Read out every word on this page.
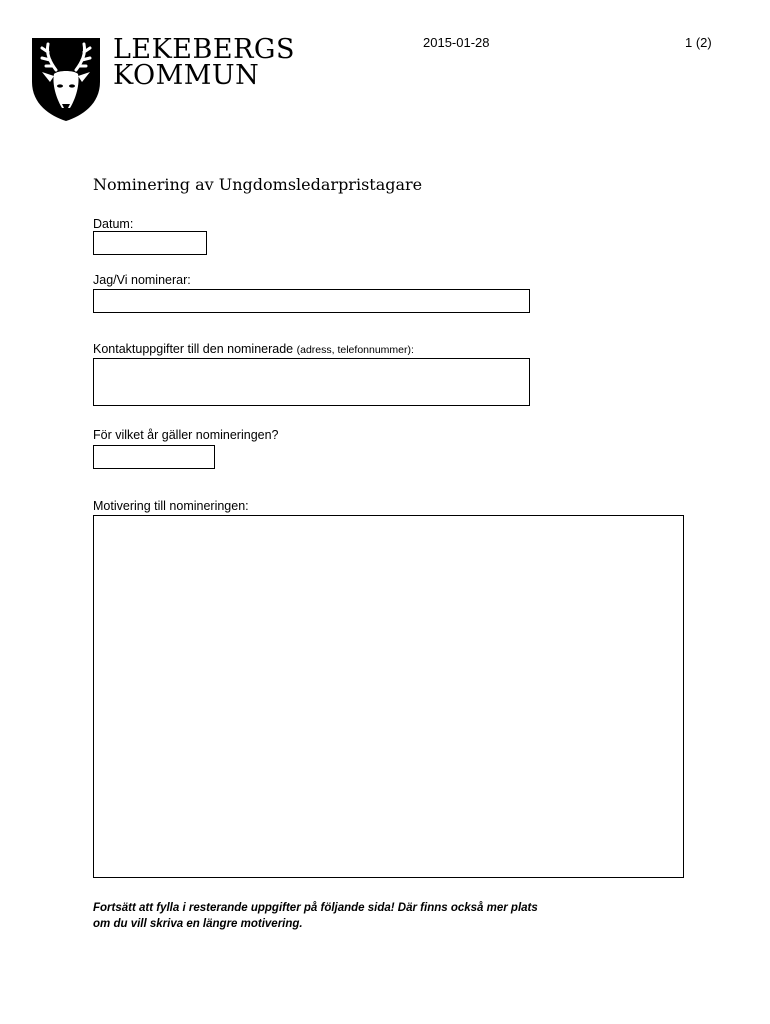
LEKEBERGS
KOMMUN
2015-01-28	1 (2)
Nominering av Ungdomsledarpristagare
Datum:
Jag/Vi nominerar:
Kontaktuppgifter till den nominerade (adress, telefonnummer):
För vilket år gäller nomineringen?
Motivering till nomineringen:
Fortsätt att fylla i resterande uppgifter på följande sida! Där finns också mer plats
om du vill skriva en längre motivering.
